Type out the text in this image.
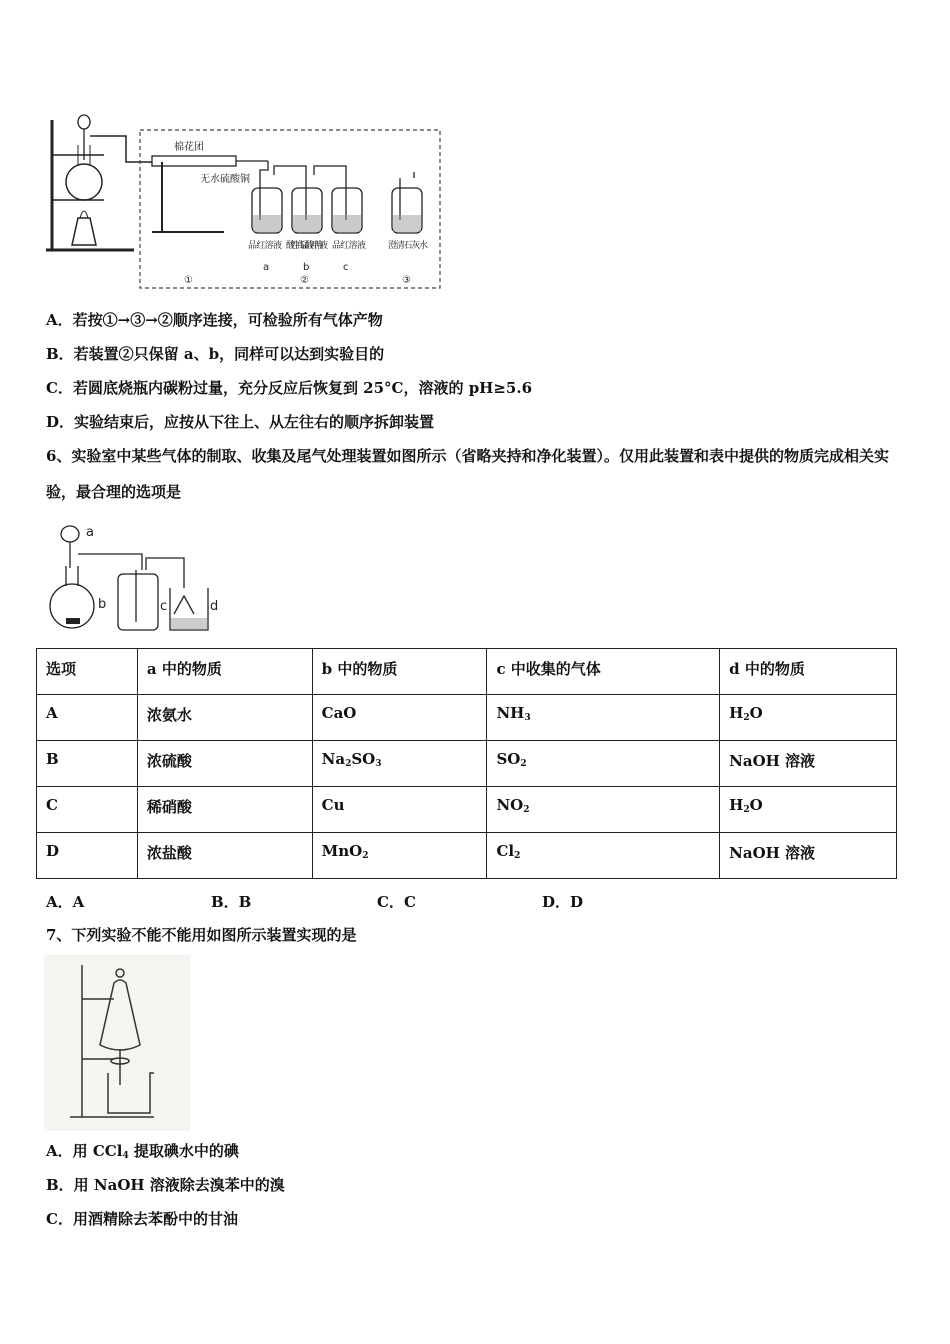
棉花团
无水硫酸铜
a	b	c
①	②	③
品红溶液 酸性高锰酸钾溶液 品红溶液 澄清石灰水
A．若按①→③→②顺序连接，可检验所有气体产物
B．若装置②只保留 a、b，同样可以达到实验目的
C．若圆底烧瓶内碳粉过量，充分反应后恢复到 25°C，溶液的 pH≥5.6
D．实验结束后，应按从下往上、从左往右的顺序拆卸装置
6、实验室中某些气体的制取、收集及尾气处理装置如图所示（省略夹持和净化装置）。仅用此装置和表中提供的物质完成相关实验，最合理的选项是
a
b	c	d
选项	a 中的物质	b 中的物质	c 中收集的气体	d 中的物质
A	浓氨水	CaO	$NH_3$	$H_2O$
B	浓硫酸	$Na_2SO_3$	$SO_2$	NaOH 溶液
C	稀硝酸	Cu	$NO_2$	$H_2O$
D	浓盐酸	MnO$_2$	$Cl_2$	NaOH 溶液
A．A	B．B	C．C	D．D
7、下列实验不能不能用如图所示装置实现的是
A．用 CCl$_4$ 提取碘水中的碘
B．用 NaOH 溶液除去溴苯中的溴
C．用酒精除去苯酚中的甘油
